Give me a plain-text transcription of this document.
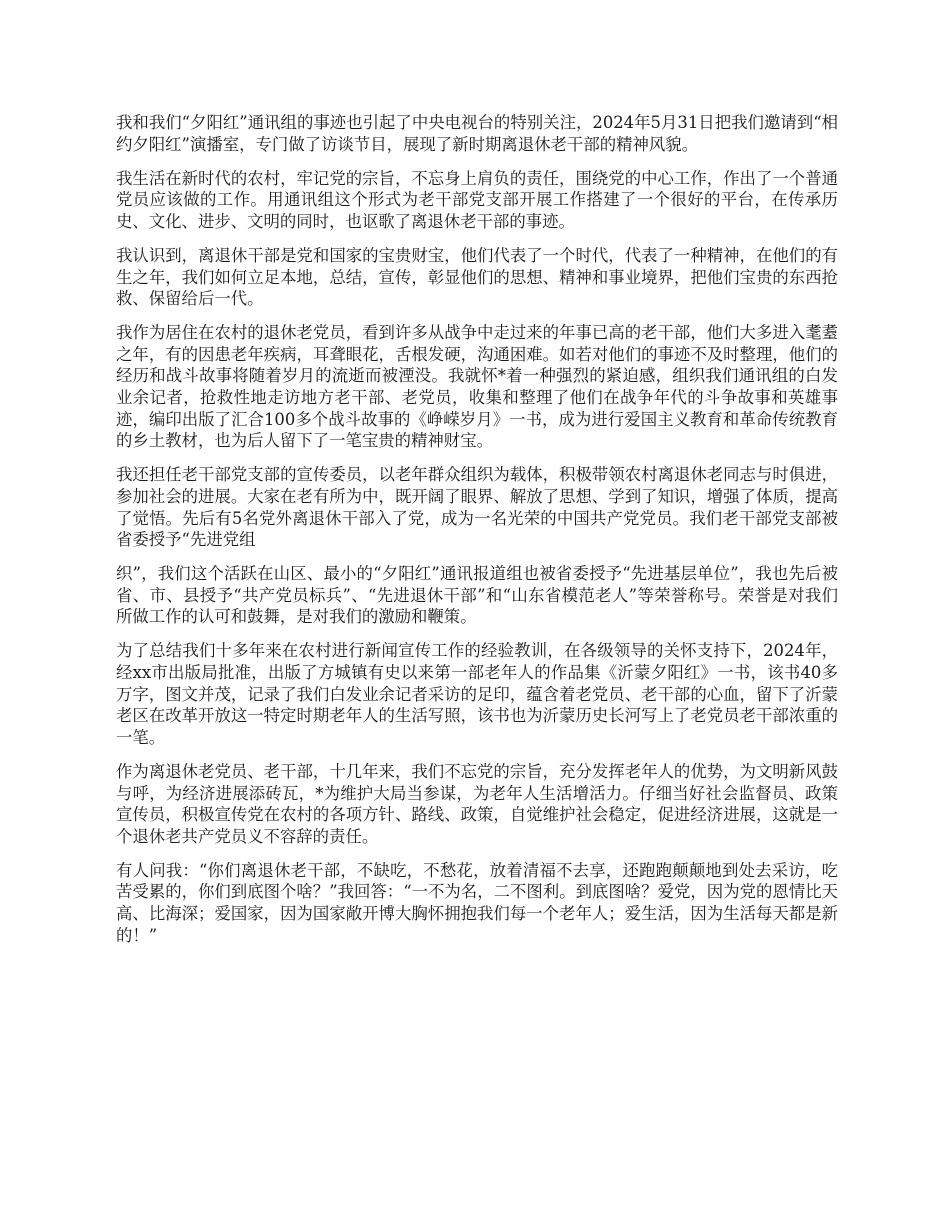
我和我们“夕阳红”通讯组的事迹也引起了中央电视台的特别关注，2024年5月31日把我们邀请到“相约夕阳红”演播室，专门做了访谈节目，展现了新时期离退休老干部的精神风貌。

我生活在新时代的农村，牢记党的宗旨，不忘身上肩负的责任，围绕党的中心工作，作出了一个普通党员应该做的工作。用通讯组这个形式为老干部党支部开展工作搭建了一个很好的平台，在传承历史、文化、进步、文明的同时，也讴歌了离退休老干部的事迹。

我认识到，离退休干部是党和国家的宝贵财宝，他们代表了一个时代，代表了一种精神，在他们的有生之年，我们如何立足本地，总结，宣传，彰显他们的思想、精神和事业境界，把他们宝贵的东西抢救、保留给后一代。

我作为居住在农村的退休老党员，看到许多从战争中走过来的年事已高的老干部，他们大多进入耄耋之年，有的因患老年疾病，耳聋眼花，舌根发硬，沟通困难。如若对他们的事迹不及时整理，他们的经历和战斗故事将随着岁月的流逝而被湮没。我就怀*着一种强烈的紧迫感，组织我们通讯组的白发业余记者，抢救性地走访地方老干部、老党员，收集和整理了他们在战争年代的斗争故事和英雄事迹，编印出版了汇合100多个战斗故事的《峥嵘岁月》一书，成为进行爱国主义教育和革命传统教育的乡土教材，也为后人留下了一笔宝贵的精神财宝。

我还担任老干部党支部的宣传委员，以老年群众组织为载体，积极带领农村离退休老同志与时俱进，参加社会的进展。大家在老有所为中，既开阔了眼界、解放了思想、学到了知识，增强了体质，提高了觉悟。先后有5名党外离退休干部入了党，成为一名光荣的中国共产党党员。我们老干部党支部被省委授予“先进党组

织”，我们这个活跃在山区、最小的“夕阳红”通讯报道组也被省委授予“先进基层单位”，我也先后被省、市、县授予“共产党员标兵”、“先进退休干部”和“山东省模范老人”等荣誉称号。荣誉是对我们所做工作的认可和鼓舞，是对我们的激励和鞭策。

为了总结我们十多年来在农村进行新闻宣传工作的经验教训，在各级领导的关怀支持下，2024年，经xx市出版局批准，出版了方城镇有史以来第一部老年人的作品集《沂蒙夕阳红》一书，该书40多万字，图文并茂，记录了我们白发业余记者采访的足印，蕴含着老党员、老干部的心血，留下了沂蒙老区在改革开放这一特定时期老年人的生活写照，该书也为沂蒙历史长河写上了老党员老干部浓重的一笔。

作为离退休老党员、老干部，十几年来，我们不忘党的宗旨，充分发挥老年人的优势，为文明新风鼓与呼，为经济进展添砖瓦，*为维护大局当参谋，为老年人生活增活力。仔细当好社会监督员、政策宣传员，积极宣传党在农村的各项方针、路线、政策，自觉维护社会稳定，促进经济进展，这就是一个退休老共产党员义不容辞的责任。

有人问我：“你们离退休老干部，不缺吃，不愁花，放着清福不去享，还跑跑颠颠地到处去采访，吃苦受累的，你们到底图个啥？”我回答：“一不为名，二不图利。到底图啥？爱党，因为党的恩情比天高、比海深；爱国家，因为国家敞开博大胸怀拥抱我们每一个老年人；爱生活，因为生活每天都是新的！”
